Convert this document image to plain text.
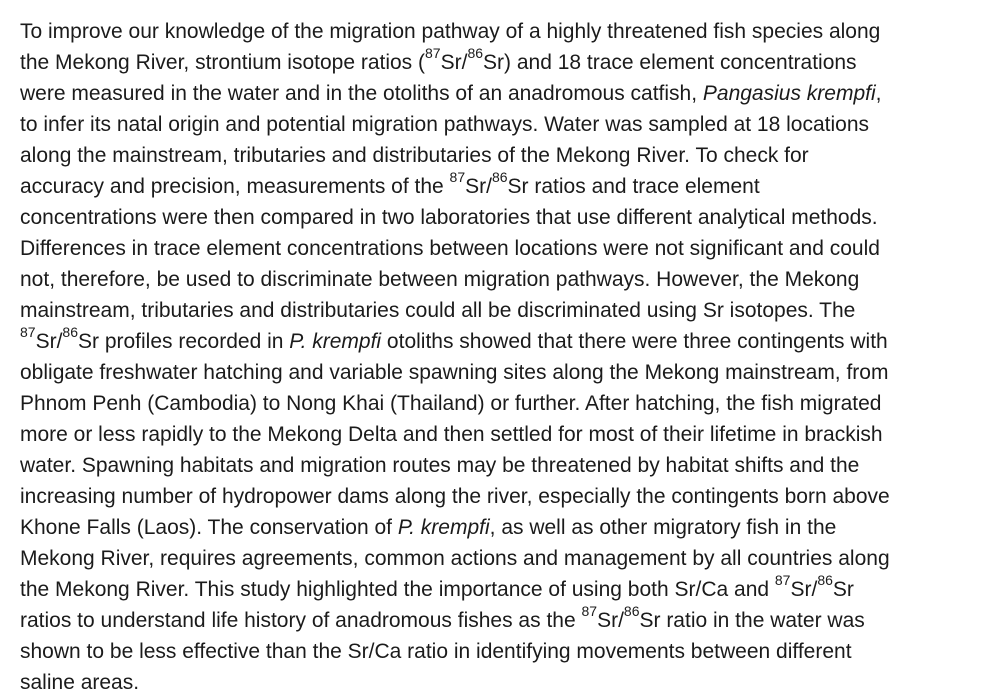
To improve our knowledge of the migration pathway of a highly threatened fish species along
the Mekong River, strontium isotope ratios ($^{87}$Sr/$^{86}$Sr) and 18 trace element concentrations
were measured in the water and in the otoliths of an anadromous catfish, Pangasius krempfi,
to infer its natal origin and potential migration pathways. Water was sampled at 18 locations
along the mainstream, tributaries and distributaries of the Mekong River. To check for
accuracy and precision, measurements of the $^{87}$Sr/$^{86}$Sr ratios and trace element
concentrations were then compared in two laboratories that use different analytical methods.
Differences in trace element concentrations between locations were not significant and could
not, therefore, be used to discriminate between migration pathways. However, the Mekong
mainstream, tributaries and distributaries could all be discriminated using Sr isotopes. The
$^{87}$Sr/$^{86}$Sr profiles recorded in P. krempfi otoliths showed that there were three contingents with
obligate freshwater hatching and variable spawning sites along the Mekong mainstream, from
Phnom Penh (Cambodia) to Nong Khai (Thailand) or further. After hatching, the fish migrated
more or less rapidly to the Mekong Delta and then settled for most of their lifetime in brackish
water. Spawning habitats and migration routes may be threatened by habitat shifts and the
increasing number of hydropower dams along the river, especially the contingents born above
Khone Falls (Laos). The conservation of P. krempfi, as well as other migratory fish in the
Mekong River, requires agreements, common actions and management by all countries along
the Mekong River. This study highlighted the importance of using both Sr/Ca and $^{87}$Sr/$^{86}$Sr
ratios to understand life history of anadromous fishes as the $^{87}$Sr/$^{86}$Sr ratio in the water was
shown to be less effective than the Sr/Ca ratio in identifying movements between different
saline areas.
